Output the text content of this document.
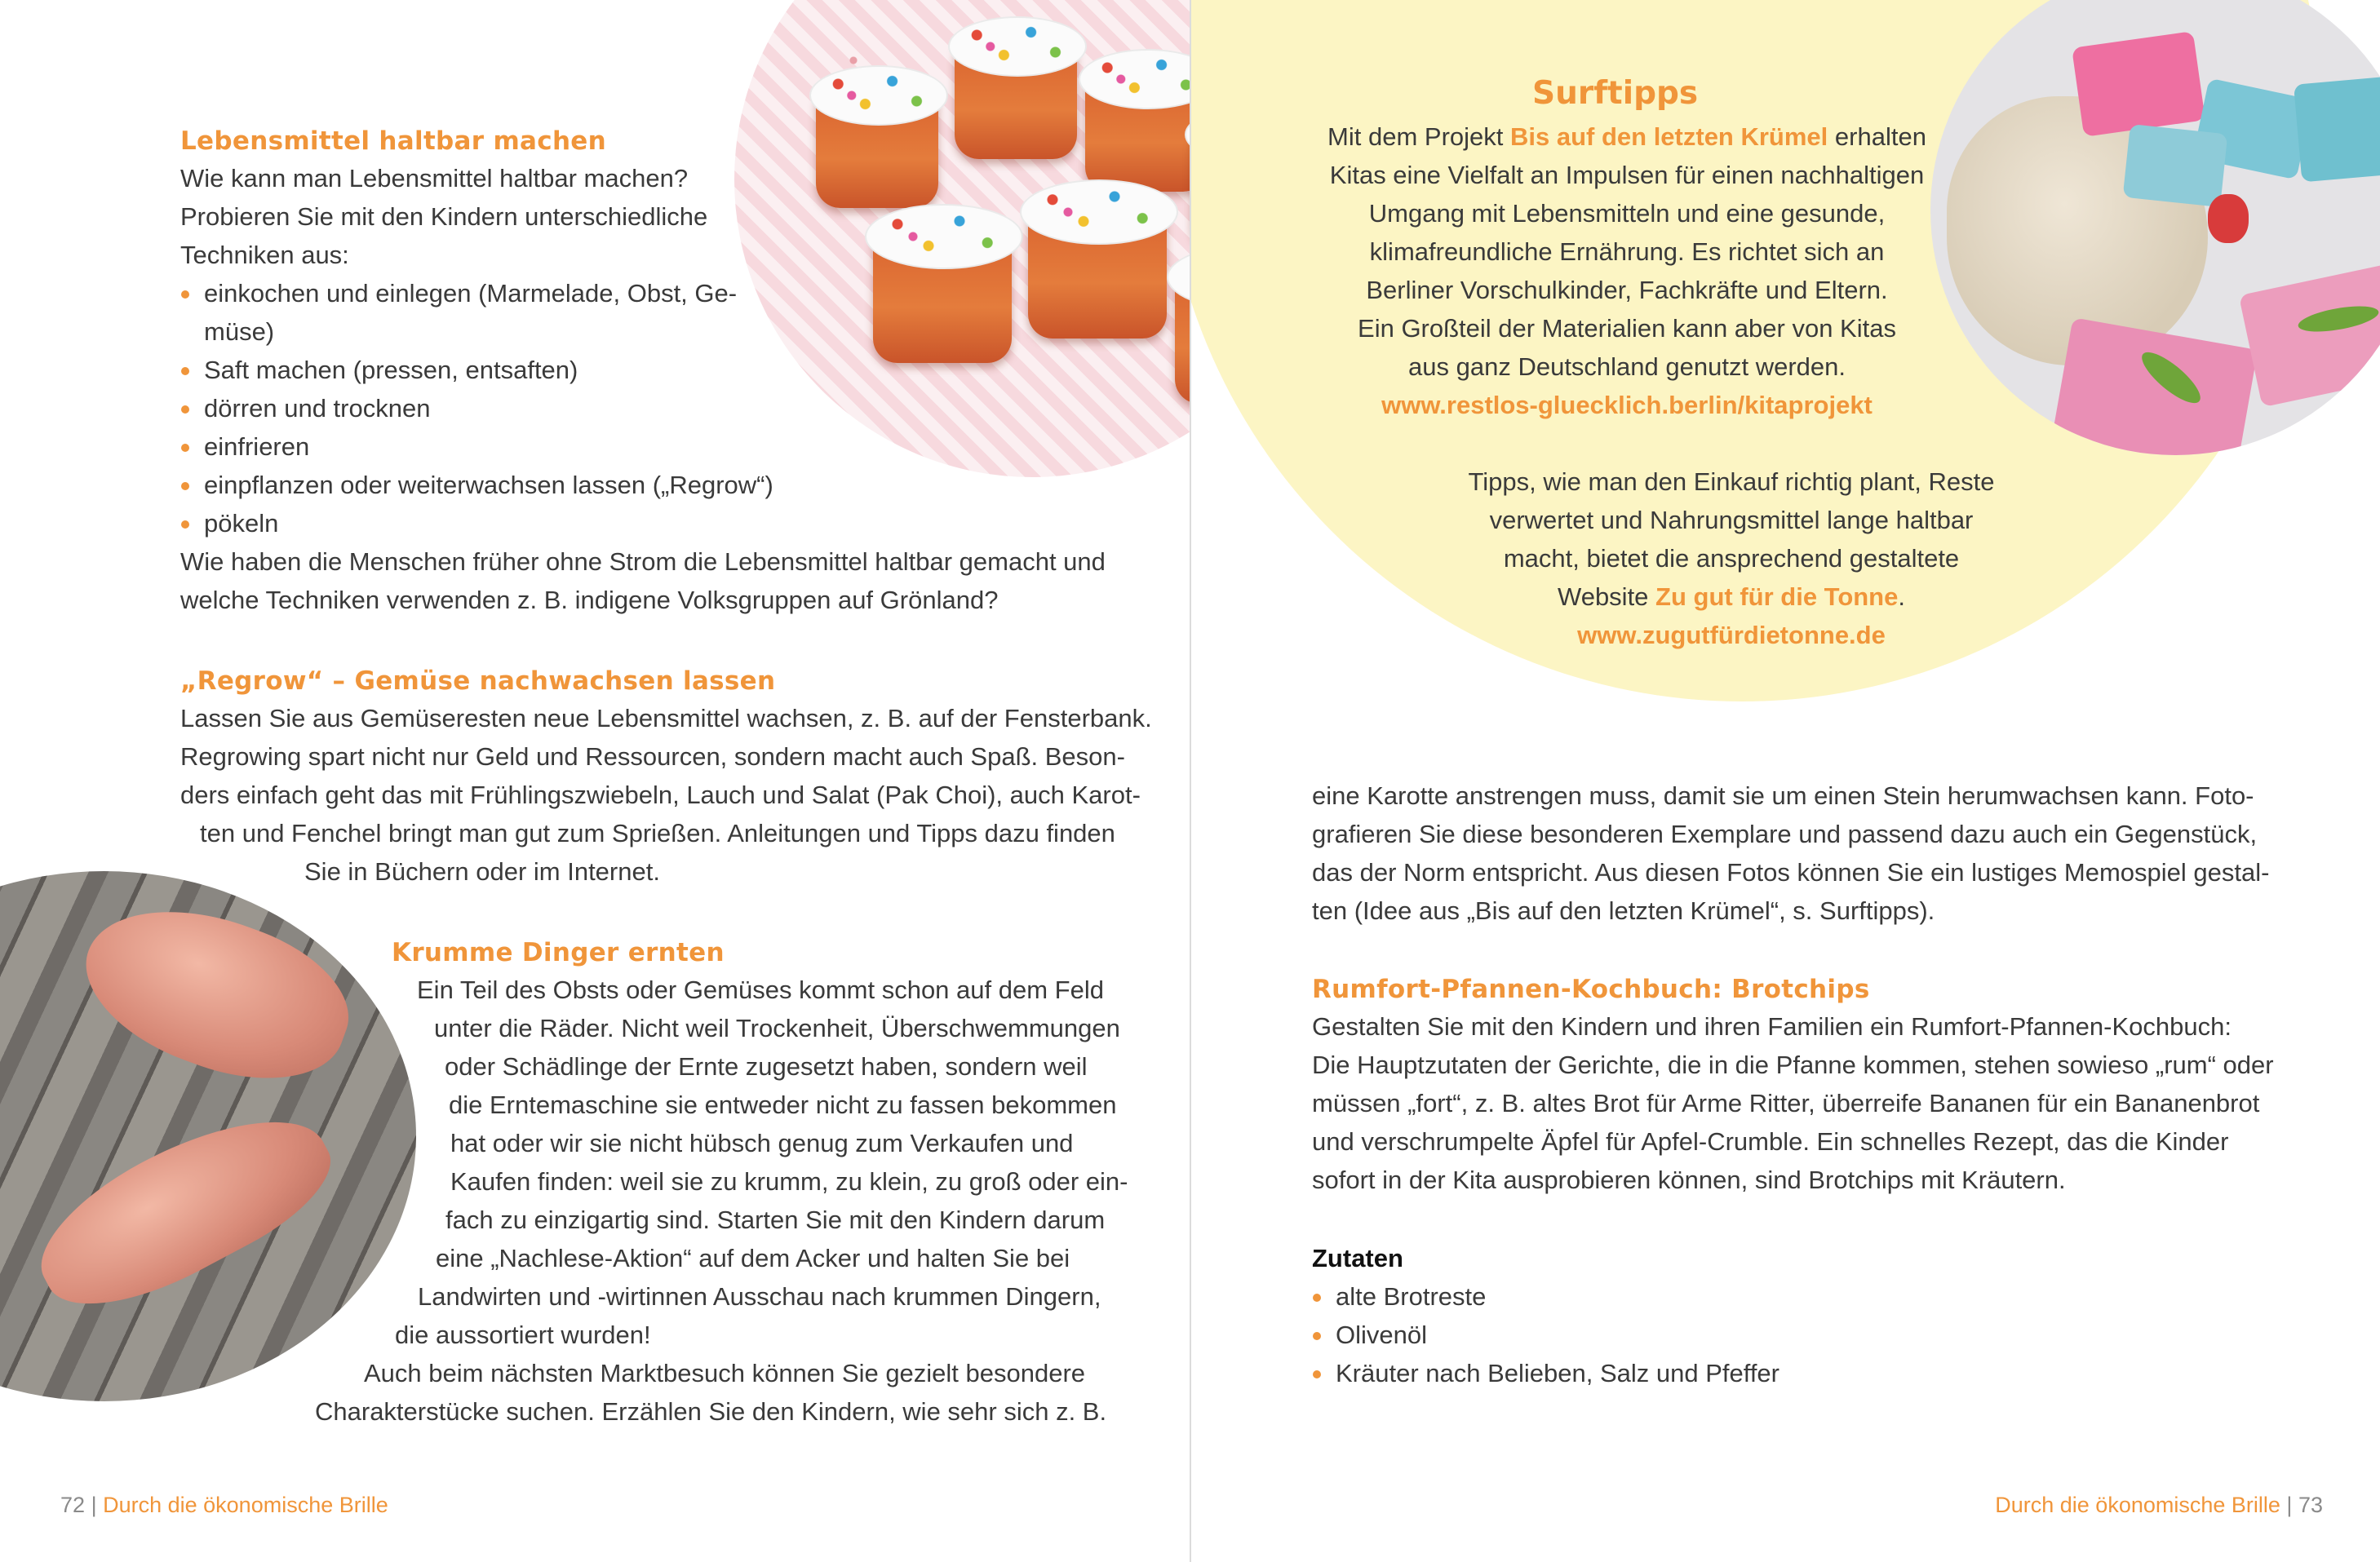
Lebensmittel haltbar machen
Wie kann man Lebensmittel haltbar machen?
Probieren Sie mit den Kindern unterschiedliche
Techniken aus:
einkochen und einlegen (Marmelade, Obst, Ge-
müse)
Saft machen (pressen, entsaften)
dörren und trocknen
einfrieren
einpflanzen oder weiterwachsen lassen („Regrow“)
pökeln
Wie haben die Menschen früher ohne Strom die Lebensmittel haltbar gemacht und
welche Techniken verwenden z. B. indigene Volksgruppen auf Grönland?
„Regrow“ – Gemüse nachwachsen lassen
Lassen Sie aus Gemüseresten neue Lebensmittel wachsen, z. B. auf der Fensterbank.
Regrowing spart nicht nur Geld und Ressourcen, sondern macht auch Spaß. Beson-
ders einfach geht das mit Frühlingszwiebeln, Lauch und Salat (Pak Choi), auch Karot-
ten und Fenchel bringt man gut zum Sprießen. Anleitungen und Tipps dazu finden
Sie in Büchern oder im Internet.
Krumme Dinger ernten
Ein Teil des Obsts oder Gemüses kommt schon auf dem Feld
unter die Räder. Nicht weil Trockenheit, Überschwemmungen
oder Schädlinge der Ernte zugesetzt haben, sondern weil
die Erntemaschine sie entweder nicht zu fassen bekommen
hat oder wir sie nicht hübsch genug zum Verkaufen und
Kaufen finden: weil sie zu krumm, zu klein, zu groß oder ein-
fach zu einzigartig sind. Starten Sie mit den Kindern darum
eine „Nachlese-Aktion“ auf dem Acker und halten Sie bei
Landwirten und -wirtinnen Ausschau nach krummen Dingern,
die aussortiert wurden!
Auch beim nächsten Marktbesuch können Sie gezielt besondere
Charakterstücke suchen. Erzählen Sie den Kindern, wie sehr sich z. B.
72 | Durch die ökonomische Brille
Surftipps
Mit dem Projekt Bis auf den letzten Krümel erhalten
Kitas eine Vielfalt an Impulsen für einen nachhaltigen
Umgang mit Lebensmitteln und eine gesunde,
klimafreundliche Ernährung. Es richtet sich an
Berliner Vorschulkinder, Fachkräfte und Eltern.
Ein Großteil der Materialien kann aber von Kitas
aus ganz Deutschland genutzt werden.
www.restlos-gluecklich.berlin/kitaprojekt
Tipps, wie man den Einkauf richtig plant, Reste
verwertet und Nahrungsmittel lange haltbar
macht, bietet die ansprechend gestaltete
Website Zu gut für die Tonne.
www.zugutfürdietonne.de
eine Karotte anstrengen muss, damit sie um einen Stein herumwachsen kann. Foto-
grafieren Sie diese besonderen Exemplare und passend dazu auch ein Gegenstück,
das der Norm entspricht. Aus diesen Fotos können Sie ein lustiges Memospiel gestal-
ten (Idee aus „Bis auf den letzten Krümel“, s. Surftipps).
Rumfort-Pfannen-Kochbuch: Brotchips
Gestalten Sie mit den Kindern und ihren Familien ein Rumfort-Pfannen-Kochbuch:
Die Hauptzutaten der Gerichte, die in die Pfanne kommen, stehen sowieso „rum“ oder
müssen „fort“, z. B. altes Brot für Arme Ritter, überreife Bananen für ein Bananenbrot
und verschrumpelte Äpfel für Apfel-Crumble. Ein schnelles Rezept, das die Kinder
sofort in der Kita ausprobieren können, sind Brotchips mit Kräutern.
Zutaten
alte Brotreste
Olivenöl
Kräuter nach Belieben, Salz und Pfeffer
Durch die ökonomische Brille | 73
